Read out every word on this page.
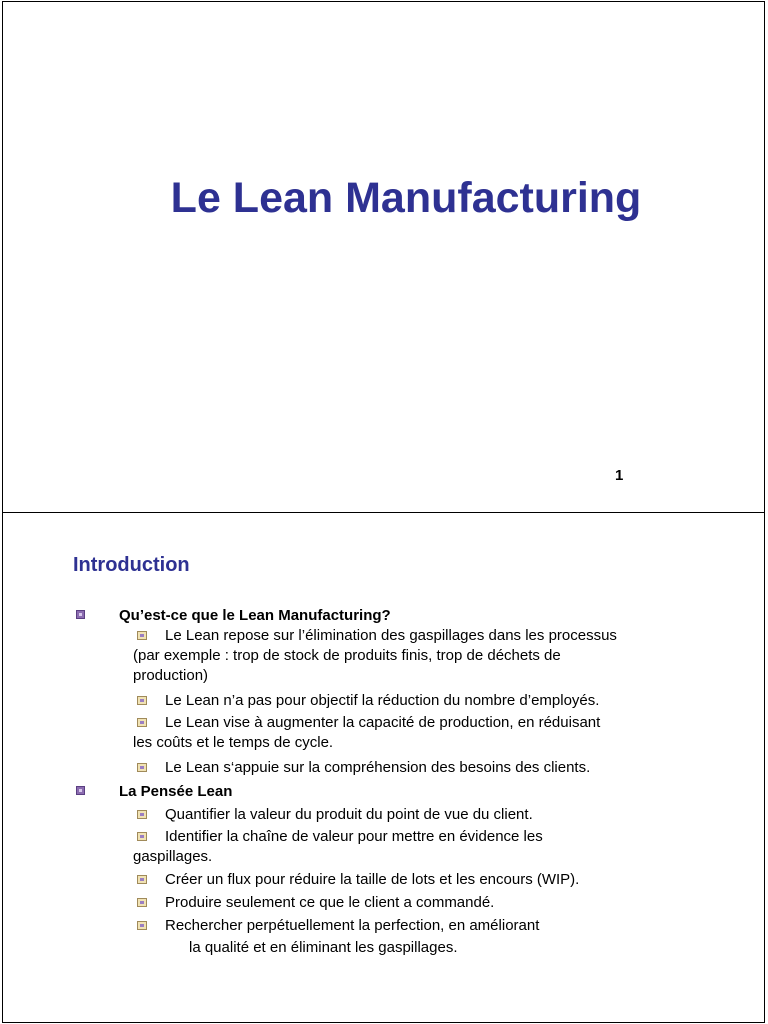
Le Lean Manufacturing
1
Introduction
Qu’est-ce que le Lean Manufacturing?
Le Lean repose sur l’élimination des gaspillages dans les processus
(par exemple : trop de stock de produits finis, trop de déchets de
production)
Le Lean n’a pas pour objectif la réduction du nombre d’employés.
Le Lean vise à augmenter la capacité de production, en réduisant
les coûts et le temps de cycle.
Le Lean s‘appuie sur la compréhension des besoins des clients.
La Pensée Lean
Quantifier la valeur du produit du point de vue du client.
Identifier la chaîne de valeur pour mettre en évidence les
gaspillages.
Créer un flux pour réduire la taille de lots et les encours (WIP).
Produire seulement ce que le client a commandé.
Rechercher perpétuellement la perfection, en améliorant
la qualité et en éliminant les gaspillages.
